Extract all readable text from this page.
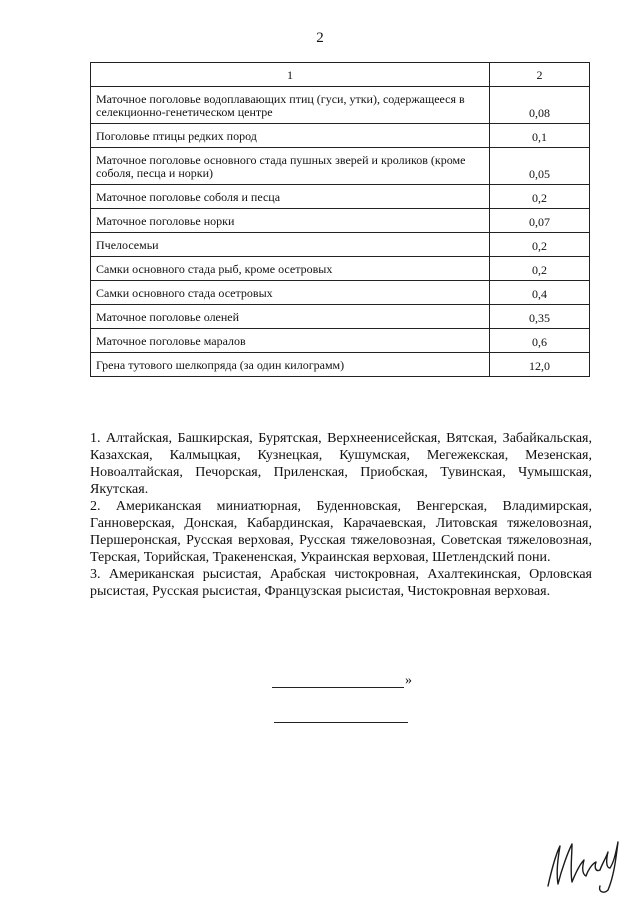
2
1	2
Маточное поголовье водоплавающих птиц (гуси, утки), содержащееся в селекционно-генетическом центре	0,08
Поголовье птицы редких пород	0,1
Маточное поголовье основного стада пушных зверей и кроликов (кроме соболя, песца и норки)	0,05
Маточное поголовье соболя и песца	0,2
Маточное поголовье норки	0,07
Пчелосемьи	0,2
Самки основного стада рыб, кроме осетровых	0,2
Самки основного стада осетровых	0,4
Маточное поголовье оленей	0,35
Маточное поголовье маралов	0,6
Грена тутового шелкопряда (за один килограмм)	12,0

1. Алтайская, Башкирская, Бурятская, Верхнеенисейская, Вятская, Забайкальская, Казахская, Калмыцкая, Кузнецкая, Кушумская, Мегежекская, Мезенская, Новоалтайская, Печорская, Приленская, Приобская, Тувинская, Чумышская, Якутская.

2. Американская миниатюрная, Буденновская, Венгерская, Владимирская, Ганноверская, Донская, Кабардинская, Карачаевская, Литовская тяжеловозная, Першеронская, Русская верховая, Русская тяжеловозная, Советская тяжеловозная, Терская, Торийская, Тракененская, Украинская верховая, Шетлендский пони.

3. Американская рысистая, Арабская чистокровная, Ахалтекинская, Орловская рысистая, Русская рысистая, Французская рысистая, Чистокровная верховая.

»
